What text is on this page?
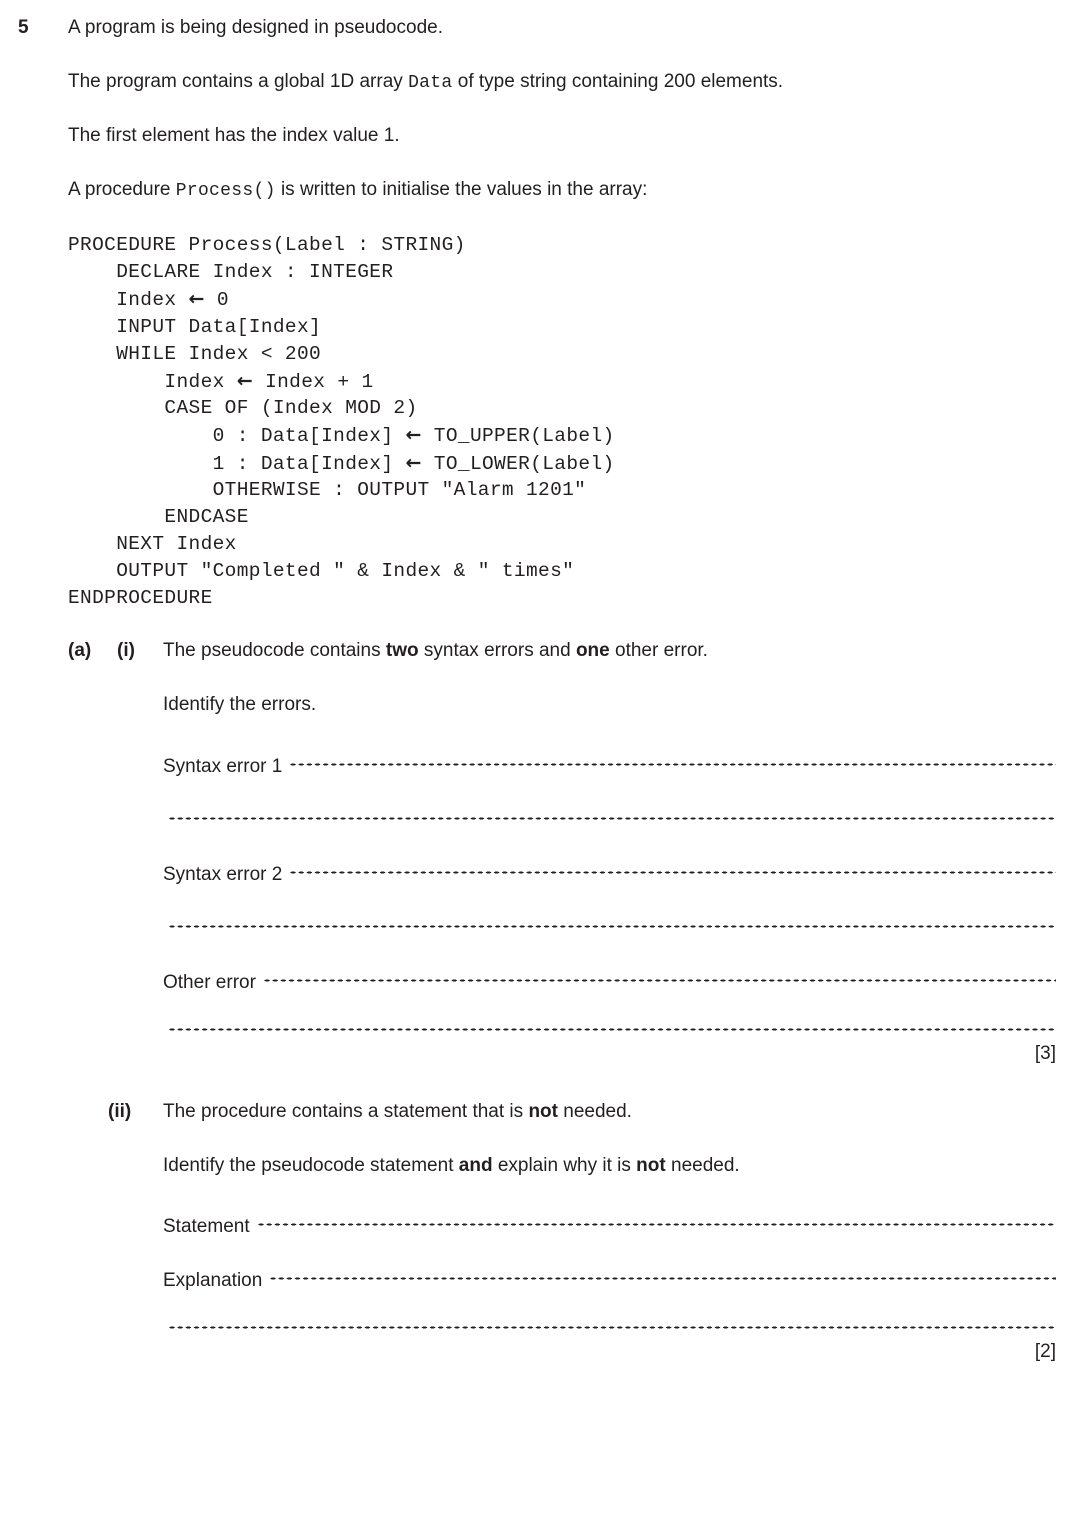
5	A program is being designed in pseudocode.
The program contains a global 1D array Data of type string containing 200 elements.
The first element has the index value 1.
A procedure Process() is written to initialise the values in the array:
PROCEDURE Process(Label : STRING)
DECLARE Index : INTEGER
Index ← 0
INPUT Data[Index]
WHILE Index < 200
Index ← Index + 1
CASE OF (Index MOD 2)
0 : Data[Index] ← TO_UPPER(Label)
1 : Data[Index] ← TO_LOWER(Label)
OTHERWISE : OUTPUT "Alarm 1201"
ENDCASE
NEXT Index
OUTPUT "Completed " & Index & " times"
ENDPROCEDURE
(a) (i) The pseudocode contains two syntax errors and one other error.
Identify the errors.
Syntax error 1
Syntax error 2
Other error
[3]
(ii) The procedure contains a statement that is not needed.
Identify the pseudocode statement and explain why it is not needed.
Statement
Explanation
[2]
